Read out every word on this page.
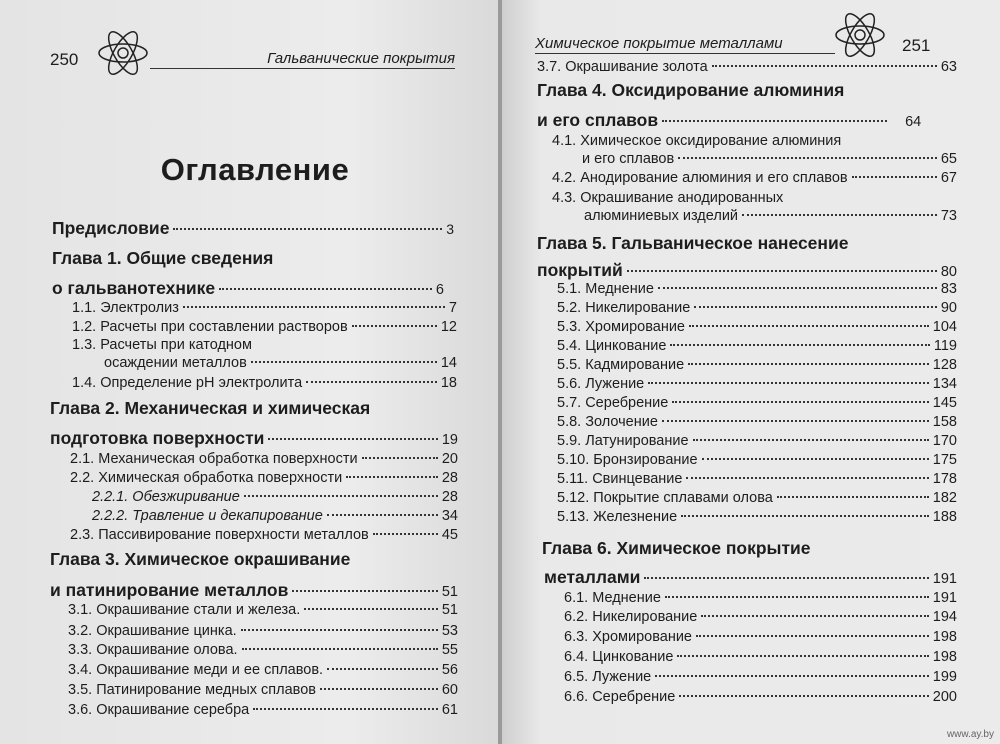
250	Гальванические покрытия
Оглавление
Предисловие	3
Глава 1. Общие сведения
о гальванотехнике	6
1.1. Электролиз	7
1.2. Расчеты при составлении растворов	12
1.3. Расчеты при катодном
осаждении металлов	14
1.4. Определение pH электролита	18
Глава 2. Механическая и химическая
подготовка поверхности	19
2.1. Механическая обработка поверхности	20
2.2. Химическая обработка поверхности	28
2.2.1. Обезжиривание	28
2.2.2. Травление и декапирование	34
2.3. Пассивирование поверхности металлов	45
Глава 3. Химическое окрашивание
и патинирование металлов	51
3.1. Окрашивание стали и железа.	51
3.2. Окрашивание цинка.	53
3.3. Окрашивание олова.	55
3.4. Окрашивание меди и ее сплавов.	56
3.5. Патинирование медных сплавов	60
3.6. Окрашивание серебра	61
Химическое покрытие металлами	251
3.7. Окрашивание золота	63
Глава 4. Оксидирование алюминия
и его сплавов	64
4.1. Химическое оксидирование алюминия
и его сплавов	65
4.2. Анодирование алюминия и его сплавов	67
4.3. Окрашивание анодированных
алюминиевых изделий	73
Глава 5. Гальваническое нанесение
покрытий	80
5.1. Меднение	83
5.2. Никелирование	90
5.3. Хромирование	104
5.4. Цинкование	119
5.5. Кадмирование	128
5.6. Лужение	134
5.7. Серебрение	145
5.8. Золочение	158
5.9. Латунирование	170
5.10. Бронзирование	175
5.11. Свинцевание	178
5.12. Покрытие сплавами олова	182
5.13. Железнение	188
Глава 6. Химическое покрытие
металлами	191
6.1. Меднение	191
6.2. Никелирование	194
6.3. Хромирование	198
6.4. Цинкование	198
6.5. Лужение	199
6.6. Серебрение	200
www.ay.by
